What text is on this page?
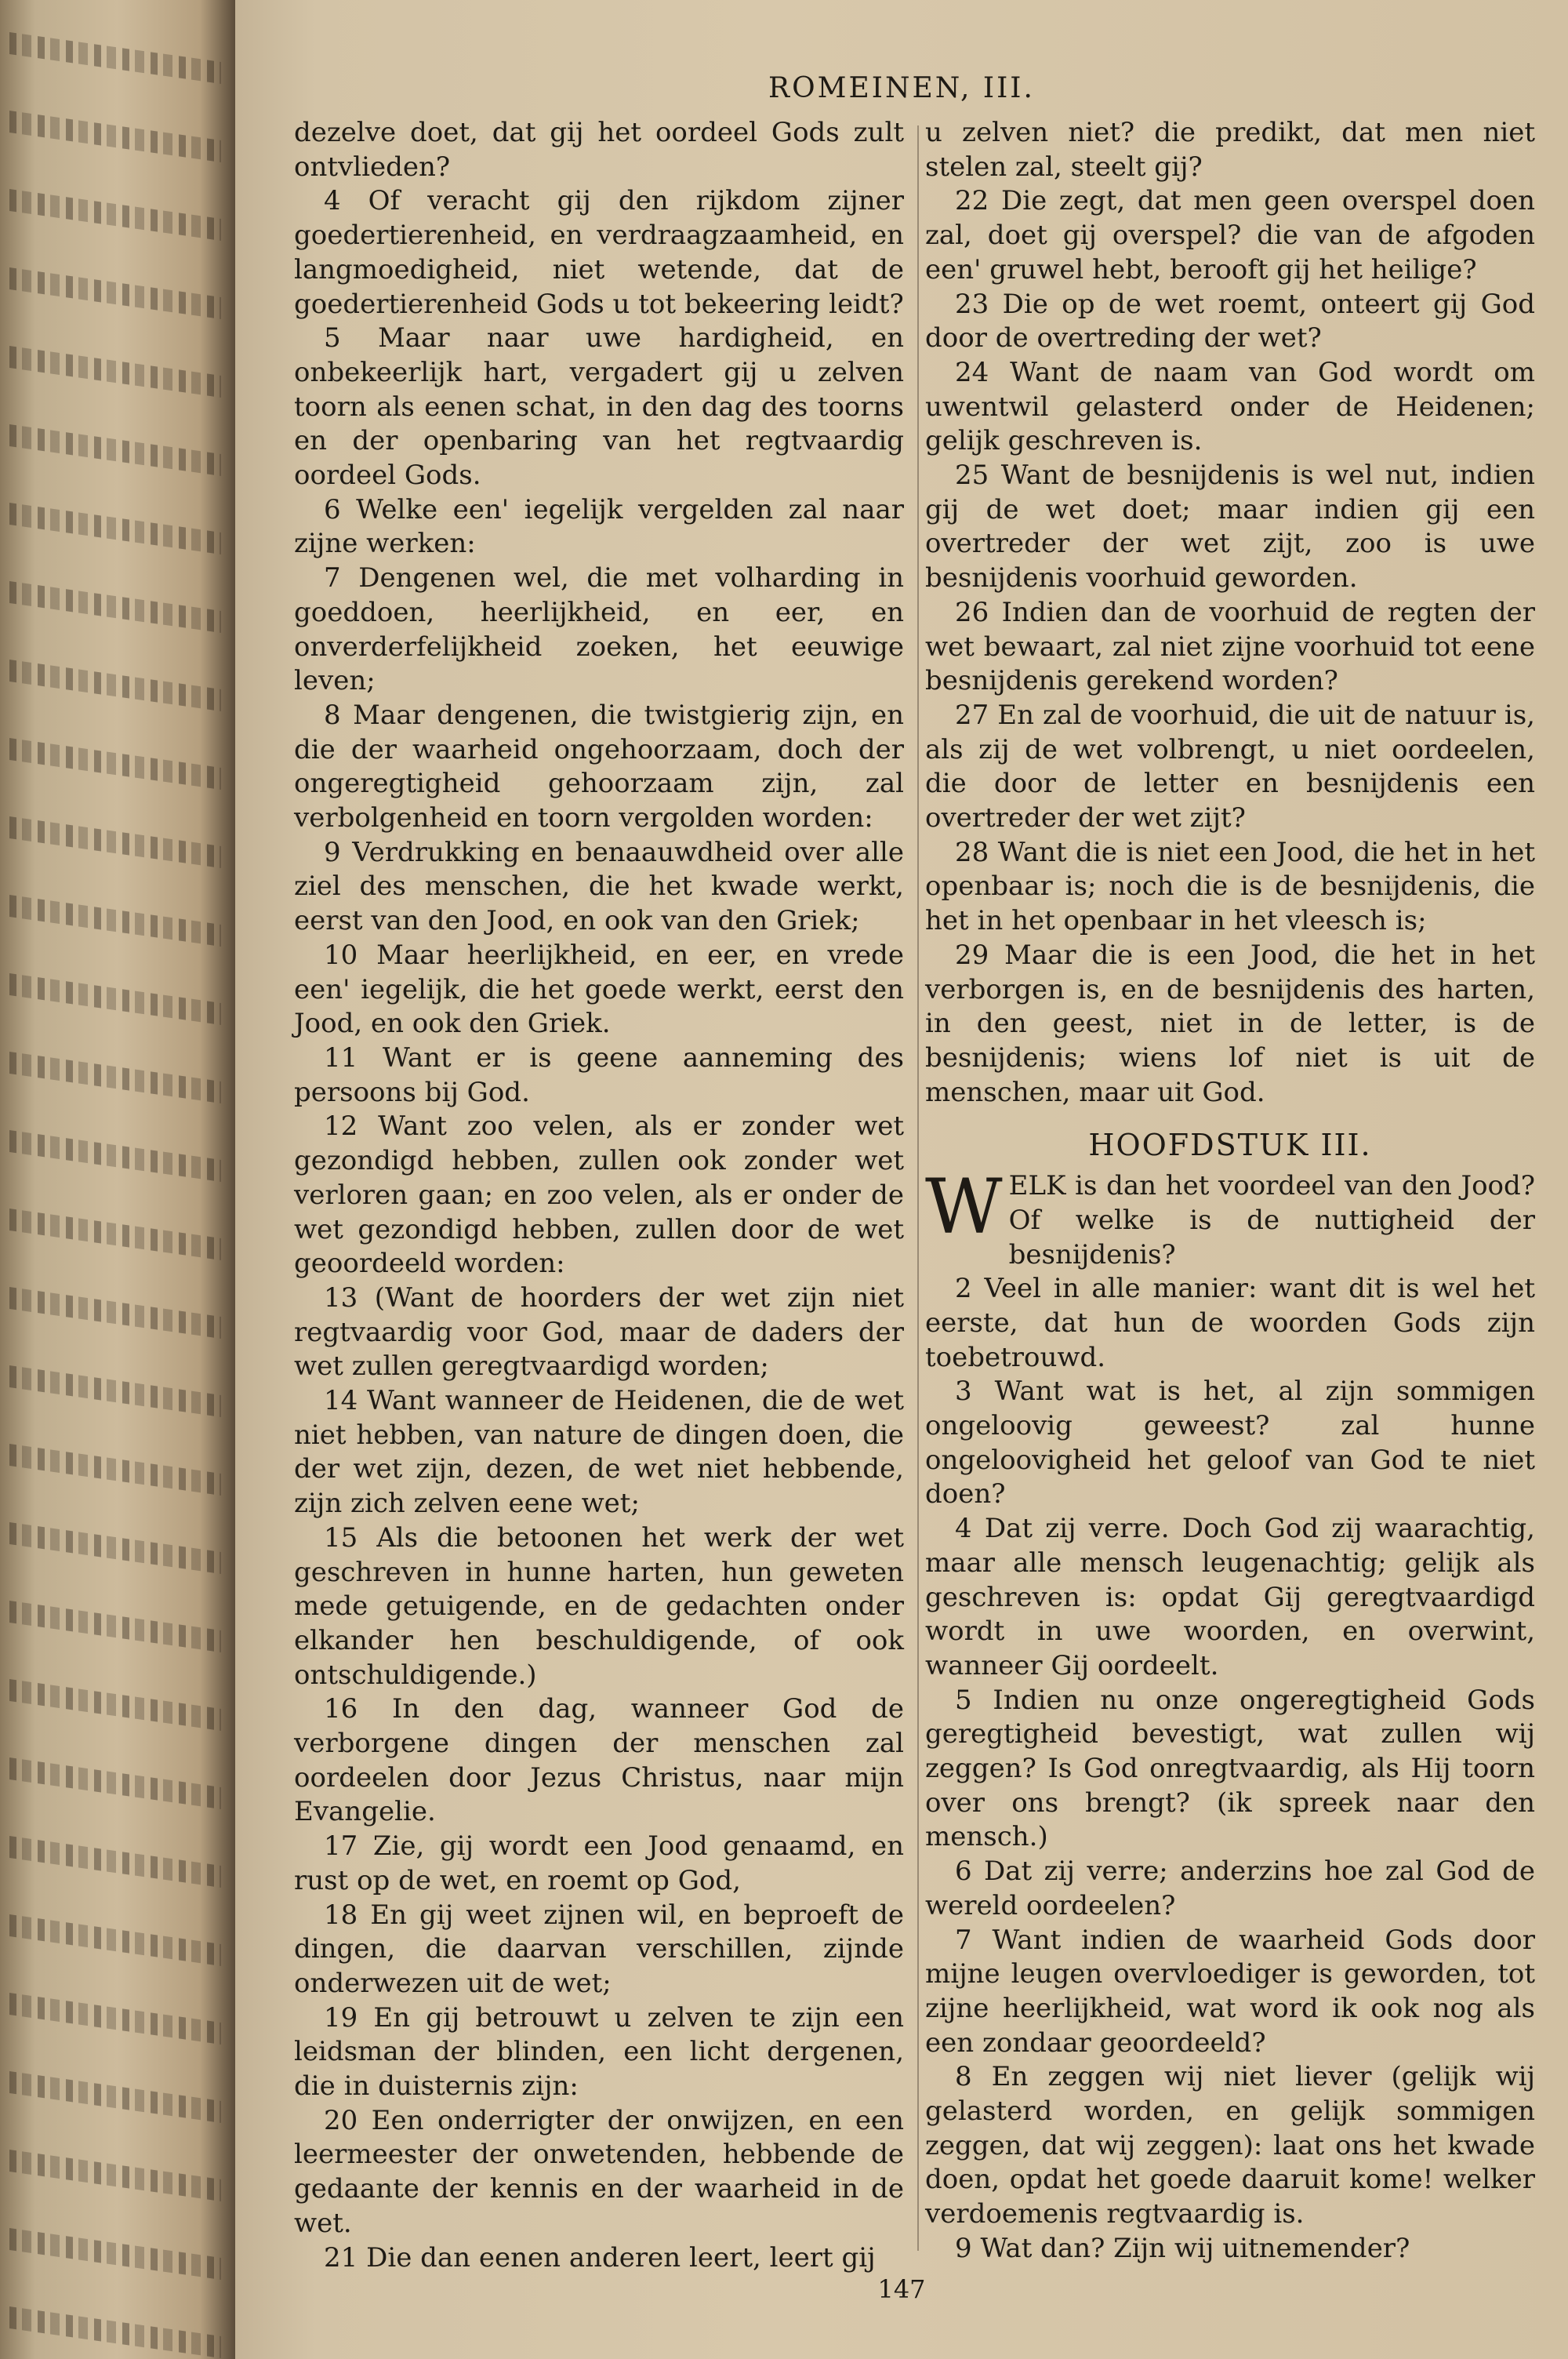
ROMEINEN, III.

dezelve doet, dat gij het oordeel Gods zult ontvlieden?

4 Of veracht gij den rijkdom zijner goedertierenheid, en verdraagzaamheid, en langmoedigheid, niet wetende, dat de goedertierenheid Gods u tot bekeering leidt?

5 Maar naar uwe hardigheid, en onbekeerlijk hart, vergadert gij u zelven toorn als eenen schat, in den dag des toorns en der openbaring van het regtvaardig oordeel Gods.

6 Welke een' iegelijk vergelden zal naar zijne werken:

7 Dengenen wel, die met volharding in goeddoen, heerlijkheid, en eer, en onverderfelijkheid zoeken, het eeuwige leven;

8 Maar dengenen, die twistgierig zijn, en die der waarheid ongehoorzaam, doch der ongeregtigheid gehoorzaam zijn, zal verbolgenheid en toorn vergolden worden:

9 Verdrukking en benaauwdheid over alle ziel des menschen, die het kwade werkt, eerst van den Jood, en ook van den Griek;

10 Maar heerlijkheid, en eer, en vrede een' iegelijk, die het goede werkt, eerst den Jood, en ook den Griek.

11 Want er is geene aanneming des persoons bij God.

12 Want zoo velen, als er zonder wet gezondigd hebben, zullen ook zonder wet verloren gaan; en zoo velen, als er onder de wet gezondigd hebben, zullen door de wet geoordeeld worden:

13 (Want de hoorders der wet zijn niet regtvaardig voor God, maar de daders der wet zullen geregtvaardigd worden;

14 Want wanneer de Heidenen, die de wet niet hebben, van nature de dingen doen, die der wet zijn, dezen, de wet niet hebbende, zijn zich zelven eene wet;

15 Als die betoonen het werk der wet geschreven in hunne harten, hun geweten mede getuigende, en de gedachten onder elkander hen beschuldigende, of ook ontschuldigende.)

16 In den dag, wanneer God de verborgene dingen der menschen zal oordeelen door Jezus Christus, naar mijn Evangelie.

17 Zie, gij wordt een Jood genaamd, en rust op de wet, en roemt op God,

18 En gij weet zijnen wil, en beproeft de dingen, die daarvan verschillen, zijnde onderwezen uit de wet;

19 En gij betrouwt u zelven te zijn een leidsman der blinden, een licht dergenen, die in duisternis zijn:

20 Een onderrigter der onwijzen, en een leermeester der onwetenden, hebbende de gedaante der kennis en der waarheid in de wet.

21 Die dan eenen anderen leert, leert gij

u zelven niet? die predikt, dat men niet stelen zal, steelt gij?

22 Die zegt, dat men geen overspel doen zal, doet gij overspel? die van de afgoden een' gruwel hebt, berooft gij het heilige?

23 Die op de wet roemt, onteert gij God door de overtreding der wet?

24 Want de naam van God wordt om uwentwil gelasterd onder de Heidenen; gelijk geschreven is.

25 Want de besnijdenis is wel nut, indien gij de wet doet; maar indien gij een overtreder der wet zijt, zoo is uwe besnijdenis voorhuid geworden.

26 Indien dan de voorhuid de regten der wet bewaart, zal niet zijne voorhuid tot eene besnijdenis gerekend worden?

27 En zal de voorhuid, die uit de natuur is, als zij de wet volbrengt, u niet oordeelen, die door de letter en besnijdenis een overtreder der wet zijt?

28 Want die is niet een Jood, die het in het openbaar is; noch die is de besnijdenis, die het in het openbaar in het vleesch is;

29 Maar die is een Jood, die het in het verborgen is, en de besnijdenis des harten, in den geest, niet in de letter, is de besnijdenis; wiens lof niet is uit de menschen, maar uit God.

HOOFDSTUK III.
W ELK is dan het voordeel van den Jood? Of welke is de nuttigheid der besnijdenis?

2 Veel in alle manier: want dit is wel het eerste, dat hun de woorden Gods zijn toebetrouwd.

3 Want wat is het, al zijn sommigen ongeloovig geweest? zal hunne ongeloovigheid het geloof van God te niet doen?

4 Dat zij verre. Doch God zij waarachtig, maar alle mensch leugenachtig; gelijk als geschreven is: opdat Gij geregtvaardigd wordt in uwe woorden, en overwint, wanneer Gij oordeelt.

5 Indien nu onze ongeregtigheid Gods geregtigheid bevestigt, wat zullen wij zeggen? Is God onregtvaardig, als Hij toorn over ons brengt? (ik spreek naar den mensch.)

6 Dat zij verre; anderzins hoe zal God de wereld oordeelen?

7 Want indien de waarheid Gods door mijne leugen overvloediger is geworden, tot zijne heerlijkheid, wat word ik ook nog als een zondaar geoordeeld?

8 En zeggen wij niet liever (gelijk wij gelasterd worden, en gelijk sommigen zeggen, dat wij zeggen): laat ons het kwade doen, opdat het goede daaruit kome! welker verdoemenis regtvaardig is.

9 Wat dan? Zijn wij uitnemender?

147
